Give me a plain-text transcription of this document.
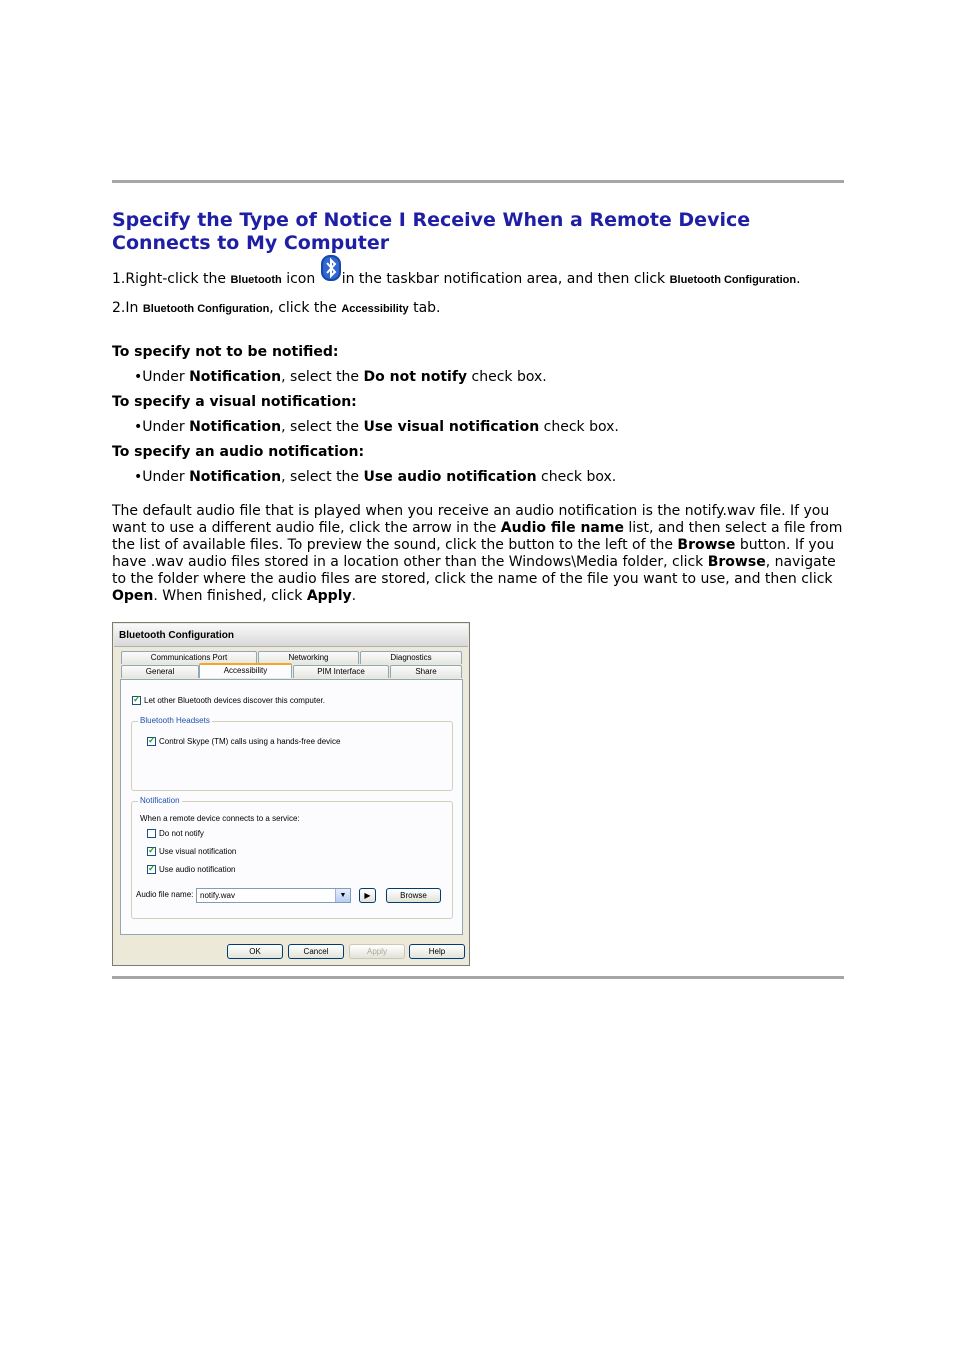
Specify the Type of Notice I Receive When a Remote Device Connects to My Computer

1.Right-click the Bluetooth icon in the taskbar notification area, and then click Bluetooth Configuration.

2.In Bluetooth Configuration, click the Accessibility tab.

To specify not to be notified:

•Under Notification, select the Do not notify check box.

To specify a visual notification:

•Under Notification, select the Use visual notification check box.

To specify an audio notification:

•Under Notification, select the Use audio notification check box.

The default audio file that is played when you receive an audio notification is the notify.wav file. If you want to use a different audio file, click the arrow in the Audio file name list, and then select a file from the list of available files. To preview the sound, click the button to the left of the Browse button. If you have .wav audio files stored in a location other than the Windows\Media folder, click Browse, navigate to the folder where the audio files are stored, click the name of the file you want to use, and then click Open. When finished, click Apply.

Bluetooth Configuration
Communications Port	Networking	Diagnostics
General	Accessibility	PIM Interface	Share
✓
Let other Bluetooth devices discover this computer.
Bluetooth Headsets
✓
Control Skype (TM) calls using a hands-free device
Notification
When a remote device connects to a service:
Do not notify
✓
Use visual notification
✓
Use audio notification
Audio file name: notify.wav	▼	▶	Browse
OK	Cancel	Apply	Help
